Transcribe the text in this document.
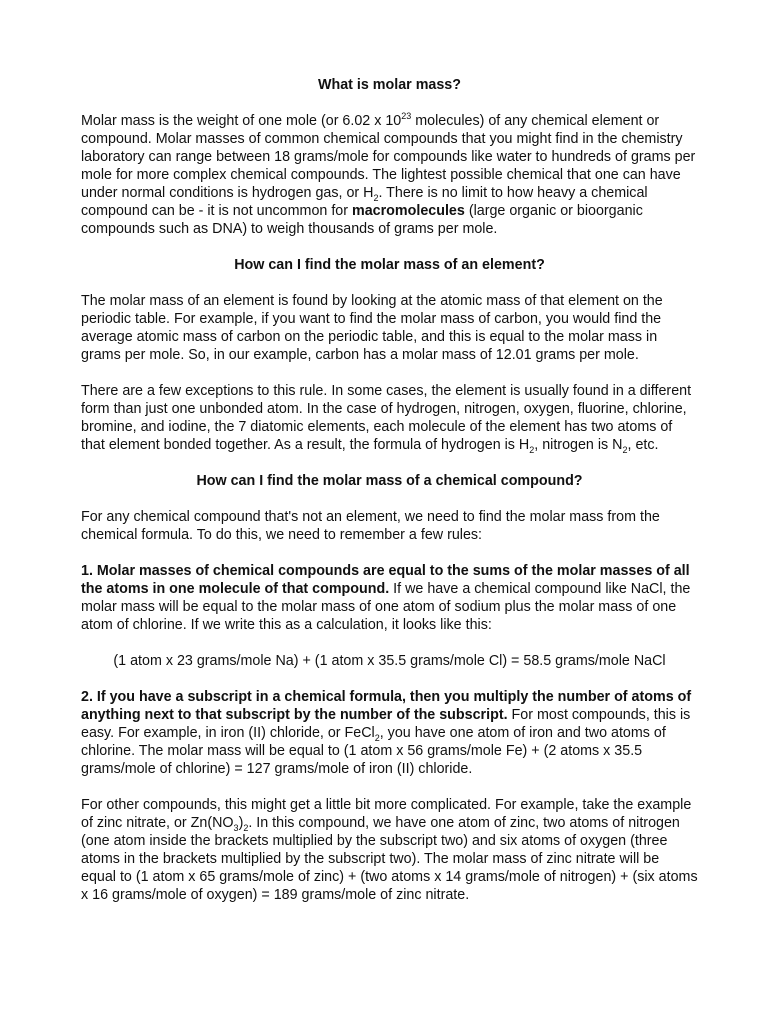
What is molar mass?

Molar mass is the weight of one mole (or 6.02 x $10^{23}$ molecules) of any chemical element or compound. Molar masses of common chemical compounds that you might find in the chemistry laboratory can range between 18 grams/mole for compounds like water to hundreds of grams per mole for more complex chemical compounds. The lightest possible chemical that one can have under normal conditions is hydrogen gas, or $H_2$. There is no limit to how heavy a chemical compound can be - it is not uncommon for macromolecules (large organic or bioorganic compounds such as DNA) to weigh thousands of grams per mole.

How can I find the molar mass of an element?

The molar mass of an element is found by looking at the atomic mass of that element on the periodic table. For example, if you want to find the molar mass of carbon, you would find the average atomic mass of carbon on the periodic table, and this is equal to the molar mass in grams per mole. So, in our example, carbon has a molar mass of 12.01 grams per mole.

There are a few exceptions to this rule. In some cases, the element is usually found in a different form than just one unbonded atom. In the case of hydrogen, nitrogen, oxygen, fluorine, chlorine, bromine, and iodine, the 7 diatomic elements, each molecule of the element has two atoms of that element bonded together. As a result, the formula of hydrogen is $H_2$, nitrogen is $N_2$, etc.

How can I find the molar mass of a chemical compound?

For any chemical compound that's not an element, we need to find the molar mass from the chemical formula. To do this, we need to remember a few rules:

1. Molar masses of chemical compounds are equal to the sums of the molar masses of all the atoms in one molecule of that compound. If we have a chemical compound like NaCl, the molar mass will be equal to the molar mass of one atom of sodium plus the molar mass of one atom of chlorine. If we write this as a calculation, it looks like this:

(1 atom x 23 grams/mole Na) + (1 atom x 35.5 grams/mole Cl) = 58.5 grams/mole NaCl

2. If you have a subscript in a chemical formula, then you multiply the number of atoms of anything next to that subscript by the number of the subscript. For most compounds, this is easy. For example, in iron (II) chloride, or FeCl$_2$, you have one atom of iron and two atoms of chlorine. The molar mass will be equal to (1 atom x 56 grams/mole Fe) + (2 atoms x 35.5 grams/mole of chlorine) = 127 grams/mole of iron (II) chloride.

For other compounds, this might get a little bit more complicated. For example, take the example of zinc nitrate, or $Zn(NO_3)_2$. In this compound, we have one atom of zinc, two atoms of nitrogen (one atom inside the brackets multiplied by the subscript two) and six atoms of oxygen (three atoms in the brackets multiplied by the subscript two). The molar mass of zinc nitrate will be equal to (1 atom x 65 grams/mole of zinc) + (two atoms x 14 grams/mole of nitrogen) + (six atoms x 16 grams/mole of oxygen) = 189 grams/mole of zinc nitrate.
